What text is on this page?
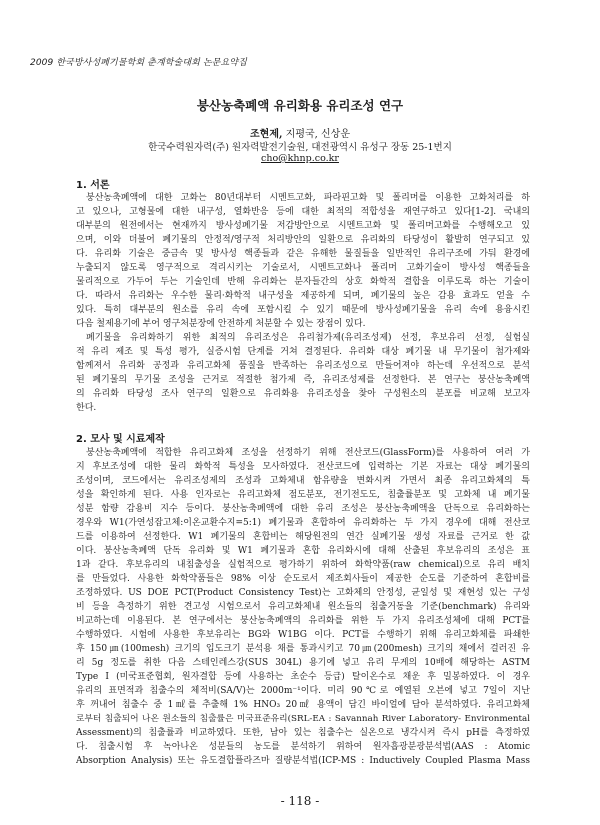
2009 한국방사성폐기물학회 춘계학술대회 논문요약집
붕산농축폐액 유리화용 유리조성 연구
조현제, 지평국, 신상운
한국수력원자력(주) 원자력발전기술원, 대전광역시 유성구 장동 25-1번지
cho@khnp.co.kr
1. 서론
붕산농축폐액에 대한 고화는 80년대부터 시멘트고화, 파라핀고화 및 폴리머를 이용한 고화처리를 하
고 있으나, 고형물에 대한 내구성, 열화반응 등에 대한 최적의 적합성을 재연구하고 있다[1-2]. 국내의
대부분의 원전에서는 현재까지 방사성폐기물 저감방안으로 시멘트고화 및 폴리머고화를 수행해오고 있
으며, 이와 더불어 폐기물의 안정적/영구적 처리방안의 일환으로 유리화의 타당성이 활발히 연구되고 있
다. 유리화 기술은 중금속 및 방사성 핵종들과 같은 유해한 물질들을 일반적인 유리구조에 가둬 환경에
누출되지 않도록 영구적으로 격리시키는 기술로서, 시멘트고화나 폴리머 고화기술이 방사성 핵종들을
물리적으로 가두어 두는 기술인데 반해 유리화는 분자들간의 상호 화학적 결합을 이루도록 하는 기술이
다. 따라서 유리화는 우수한 물리·화학적 내구성을 제공하게 되며, 폐기물의 높은 감용 효과도 얻을 수
있다. 특히 대부분의 원소를 유리 속에 포함시킬 수 있기 때문에 방사성폐기물을 유리 속에 용융시킨
다음 철제용기에 부어 영구처분장에 안전하게 처분할 수 있는 장점이 있다.
폐기물을 유리화하기 위한 최적의 유리조성은 유리첨가제(유리조성제) 선정, 후보유리 선정, 실험실
적 유리 제조 및 특성 평가, 실증시험 단계를 거쳐 결정된다. 유리화 대상 폐기물 내 무기물이 첨가제와
함께져서 유리화 공정과 유리고화체 품질을 반족하는 유리조성으로 만들어져야 하는데 우선적으로 분석
된 폐기물의 무기물 조성을 근거로 적절한 첨가제 즉, 유리조성제를 선정한다. 본 연구는 붕산농축폐액
의 유리화 타당성 조사 연구의 일환으로 유리화용 유리조성을 찾아 구성원소의 분포를 비교해 보고자
한다.
2. 모사 및 시료제작
붕산농축폐액에 적합한 유리고화체 조성을 선정하기 위해 전산코드(GlassForm)를 사용하여 여러 가
지 후보조성에 대한 물리 화학적 특성을 모사하였다. 전산코드에 입력하는 기본 자료는 대상 폐기물의
조성이며, 코드에서는 유리조성제의 조성과 고화체내 함유량을 변화시켜 가면서 최종 유리고화체의 특
성을 확인하게 된다. 사용 인자로는 유리고화체 점도분포, 전기전도도, 침출률분포 및 고화체 내 폐기물
성분 함량 감용비 지수 등이다. 붕산농축폐액에 대한 유리 조성은 붕산농축폐액을 단독으로 유리화하는
경우와 W1(가연성잡고체:이온교환수지=5:1) 폐기물과 혼합하여 유리화하는 두 가지 경우에 대해 전산코
드를 이용하여 선정한다. W1 폐기물의 혼합비는 해당원전의 연간 실폐기물 생성 자료를 근거로 한 값
이다. 붕산농축폐액 단독 유리화 및 W1 폐기물과 혼합 유리화시에 대해 산출된 후보유리의 조성은 표
1과 같다. 후보유리의 내침출성을 실험적으로 평가하기 위하여 화학약품(raw chemical)으로 유리 배치
를 만들었다. 사용한 화학약품들은 98% 이상 순도로서 제조회사들이 제공한 순도를 기준하여 혼합비를
조정하였다. US DOE PCT(Product Consistency Test)는 고화체의 안정성, 균일성 및 재현성 있는 구성
비 등을 측정하기 위한 견고성 시험으로서 유리고화체내 원소들의 침출거동을 기준(benchmark) 유리와
비교하는데 이용된다. 본 연구에서는 붕산농축폐액의 유리화를 위한 두 가지 유리조성체에 대해 PCT를
수행하였다. 시험에 사용한 후보유리는 BG와 W1BG 이다. PCT를 수행하기 위해 유리고화체를 파쇄한
후 150㎛(100mesh) 크기의 입도크기 분석용 채를 통과시키고 70㎛(200mesh) 크기의 채에서 걸러진 유
리 5g 정도를 취한 다음 스테인레스강(SUS 304L) 용기에 넣고 유리 무게의 10배에 해당하는 ASTM
Type I (미국표준협회, 원자결합 등에 사용하는 초순수 등급) 탈이온수로 채운 후 밀봉하였다. 이 경우
유리의 표면적과 침출수의 체적비(SA/V)는 2000m⁻¹이다. 미리 90℃로 예열된 오븐에 넣고 7일이 지난
후 꺼내어 침출수 중 1㎖를 추출해 1% HNO₃ 20㎖ 용액이 담긴 바이얼에 담아 분석하였다. 유리고화체
로부터 침출되어 나온 원소들의 침출률은 미국표준유리(SRL-EA : Savannah River Laboratory- Environmental
Assessment)의 침출률과 비교하였다. 또한, 남아 있는 침출수는 실온으로 냉각시켜 즉시 pH를 측정하였
다. 침출시험 후 녹아나온 성분들의 농도를 분석하기 위하여 원자흡광분광분석법(AAS : Atomic
Absorption Analysis) 또는 유도결합플라즈마 질량분석법(ICP-MS : Inductively Coupled Plasma Mass
- 118 -
